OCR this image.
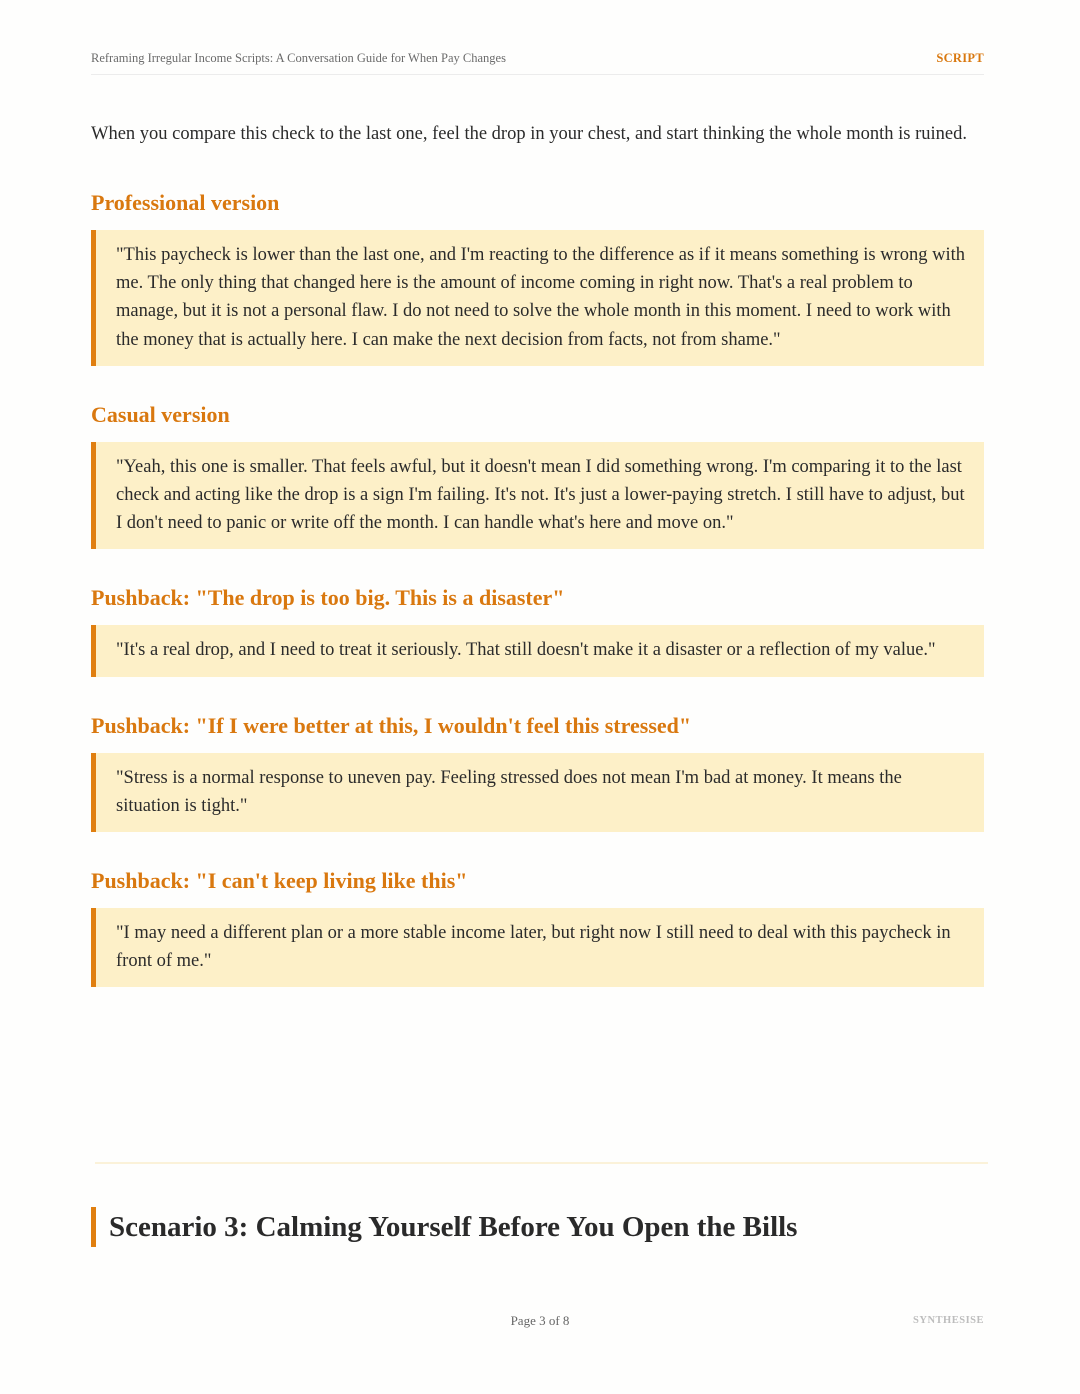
Reframing Irregular Income Scripts: A Conversation Guide for When Pay Changes	SCRIPT

When you compare this check to the last one, feel the drop in your chest, and start thinking the whole month is ruined.

Professional version
"This paycheck is lower than the last one, and I'm reacting to the difference as if it means something is wrong with me. The only thing that changed here is the amount of income coming in right now. That's a real problem to manage, but it is not a personal flaw. I do not need to solve the whole month in this moment. I need to work with the money that is actually here. I can make the next decision from facts, not from shame."
Casual version
"Yeah, this one is smaller. That feels awful, but it doesn't mean I did something wrong. I'm comparing it to the last check and acting like the drop is a sign I'm failing. It's not. It's just a lower-paying stretch. I still have to adjust, but I don't need to panic or write off the month. I can handle what's here and move on."
Pushback: "The drop is too big. This is a disaster"
"It's a real drop, and I need to treat it seriously. That still doesn't make it a disaster or a reflection of my value."
Pushback: "If I were better at this, I wouldn't feel this stressed"
"Stress is a normal response to uneven pay. Feeling stressed does not mean I'm bad at money. It means the situation is tight."
Pushback: "I can't keep living like this"
"I may need a different plan or a more stable income later, but right now I still need to deal with this paycheck in front of me."
Scenario 3: Calming Yourself Before You Open the Bills
Page 3 of 8	SYNTHESISE
